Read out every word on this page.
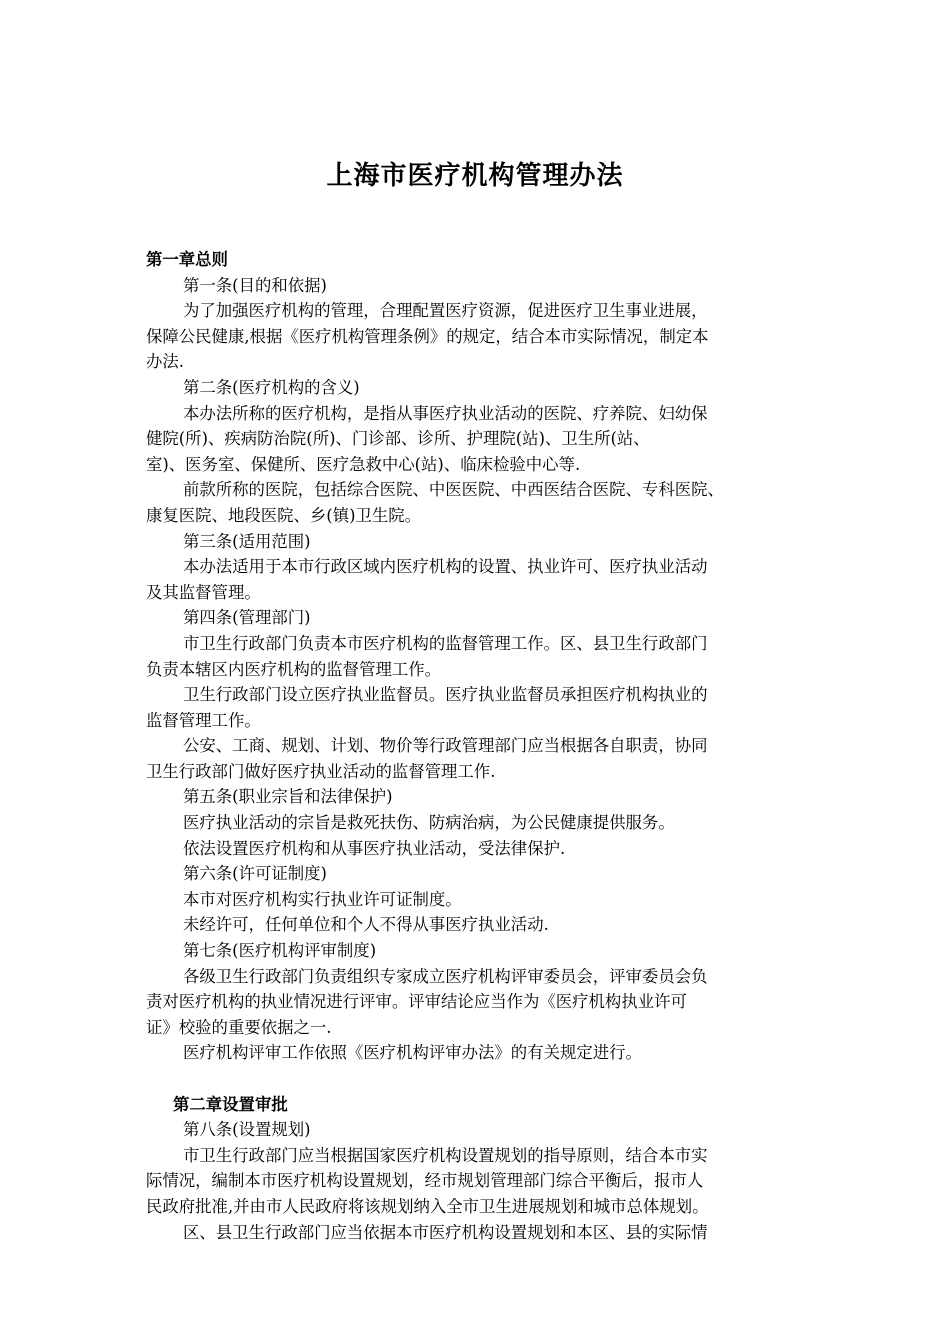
上海市医疗机构管理办法
第一章总则
第一条(目的和依据)
为了加强医疗机构的管理，合理配置医疗资源，促进医疗卫生事业进展，
保障公民健康,根据《医疗机构管理条例》的规定，结合本市实际情况，制定本
办法.
第二条(医疗机构的含义)
本办法所称的医疗机构，是指从事医疗执业活动的医院、疗养院、妇幼保
健院(所)、疾病防治院(所)、门诊部、诊所、护理院(站)、卫生所(站、
室)、医务室、保健所、医疗急救中心(站)、临床检验中心等.
前款所称的医院，包括综合医院、中医医院、中西医结合医院、专科医院、
康复医院、地段医院、乡(镇)卫生院。
第三条(适用范围)
本办法适用于本市行政区域内医疗机构的设置、执业许可、医疗执业活动
及其监督管理。
第四条(管理部门)
市卫生行政部门负责本市医疗机构的监督管理工作。区、县卫生行政部门
负责本辖区内医疗机构的监督管理工作。
卫生行政部门设立医疗执业监督员。医疗执业监督员承担医疗机构执业的
监督管理工作。
公安、工商、规划、计划、物价等行政管理部门应当根据各自职责，协同
卫生行政部门做好医疗执业活动的监督管理工作.
第五条(职业宗旨和法律保护)
医疗执业活动的宗旨是救死扶伤、防病治病，为公民健康提供服务。
依法设置医疗机构和从事医疗执业活动，受法律保护.
第六条(许可证制度)
本市对医疗机构实行执业许可证制度。
未经许可，任何单位和个人不得从事医疗执业活动.
第七条(医疗机构评审制度)
各级卫生行政部门负责组织专家成立医疗机构评审委员会，评审委员会负
责对医疗机构的执业情况进行评审。评审结论应当作为《医疗机构执业许可
证》校验的重要依据之一.
医疗机构评审工作依照《医疗机构评审办法》的有关规定进行。
第二章设置审批
第八条(设置规划)
市卫生行政部门应当根据国家医疗机构设置规划的指导原则，结合本市实
际情况，编制本市医疗机构设置规划，经市规划管理部门综合平衡后，报市人
民政府批准,并由市人民政府将该规划纳入全市卫生进展规划和城市总体规划。
区、县卫生行政部门应当依据本市医疗机构设置规划和本区、县的实际情
